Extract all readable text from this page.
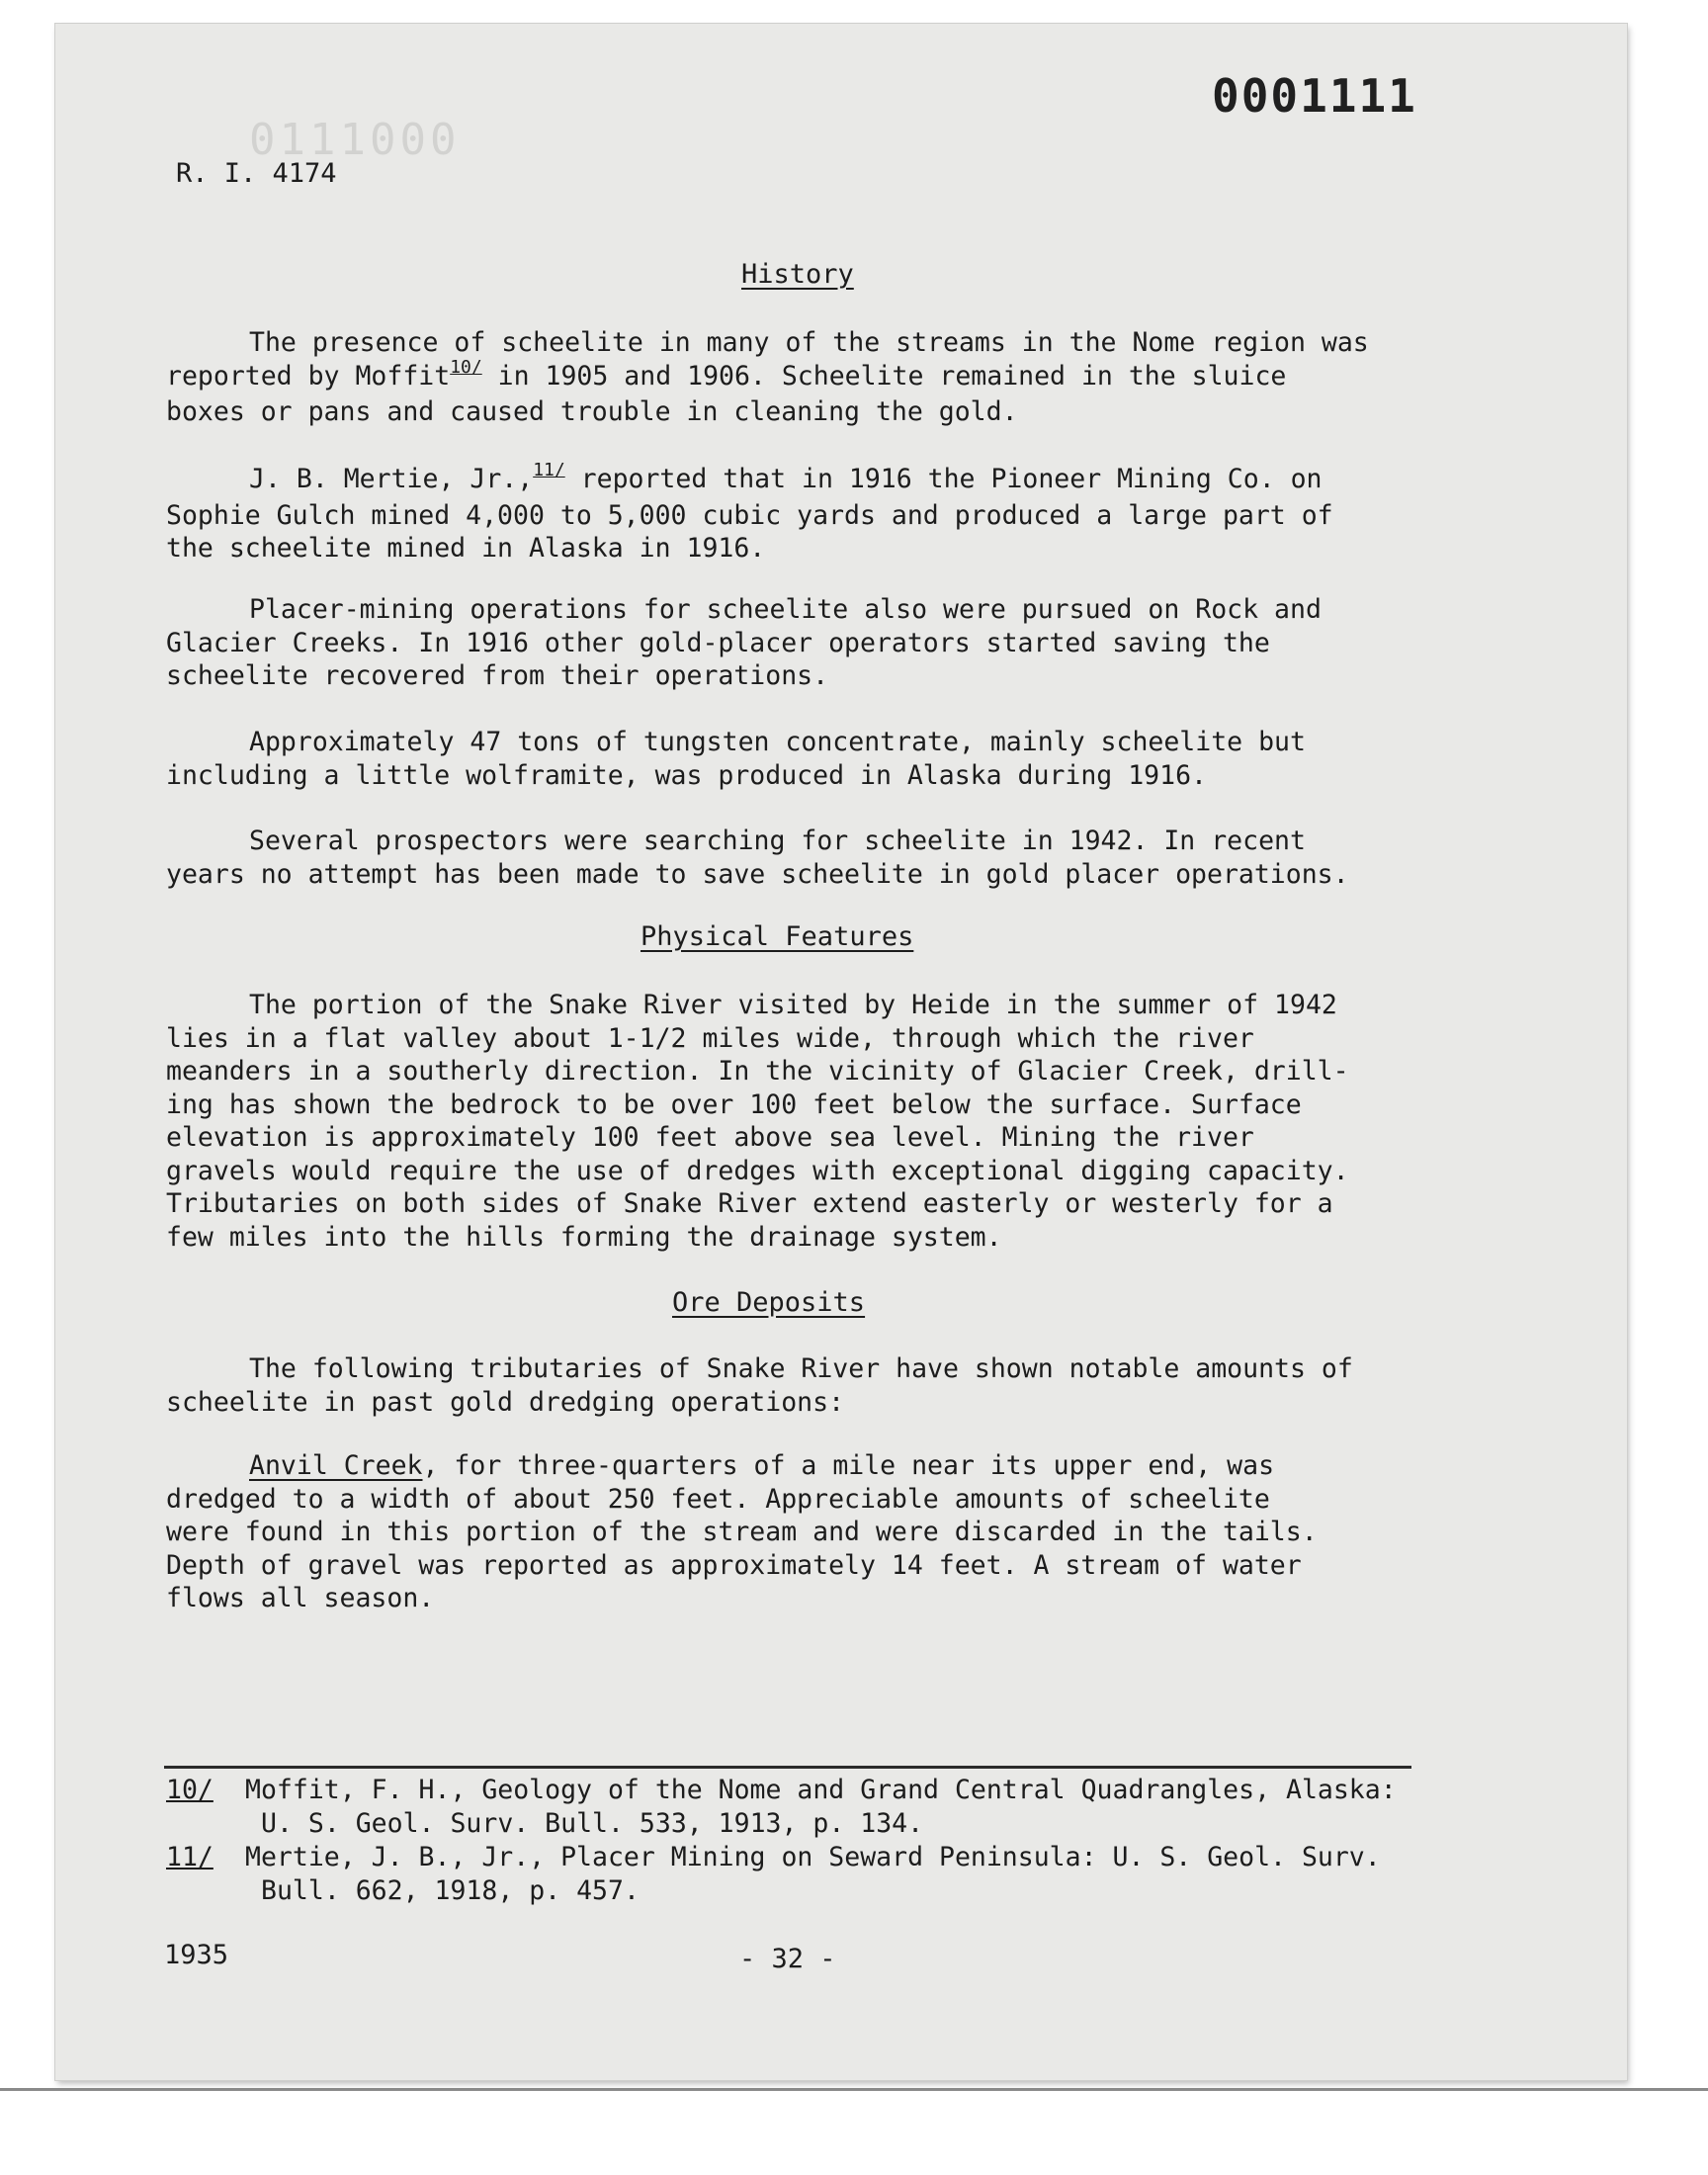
0111000
0001111
R. I. 4174
History

The presence of scheelite in many of the streams in the Nome region was

reported by Moffit$^{10/}$ in 1905 and 1906. Scheelite remained in the sluice

boxes or pans and caused trouble in cleaning the gold.

J. B. Mertie, Jr.,$^{11/}$ reported that in 1916 the Pioneer Mining Co. on

Sophie Gulch mined 4,000 to 5,000 cubic yards and produced a large part of

the scheelite mined in Alaska in 1916.

Placer-mining operations for scheelite also were pursued on Rock and

Glacier Creeks. In 1916 other gold-placer operators started saving the

scheelite recovered from their operations.

Approximately 47 tons of tungsten concentrate, mainly scheelite but

including a little wolframite, was produced in Alaska during 1916.

Several prospectors were searching for scheelite in 1942. In recent

years no attempt has been made to save scheelite in gold placer operations.

Physical Features

The portion of the Snake River visited by Heide in the summer of 1942

lies in a flat valley about 1-1/2 miles wide, through which the river

meanders in a southerly direction. In the vicinity of Glacier Creek, drill-

ing has shown the bedrock to be over 100 feet below the surface. Surface

elevation is approximately 100 feet above sea level. Mining the river

gravels would require the use of dredges with exceptional digging capacity.

Tributaries on both sides of Snake River extend easterly or westerly for a

few miles into the hills forming the drainage system.

Ore Deposits

The following tributaries of Snake River have shown notable amounts of

scheelite in past gold dredging operations:

Anvil Creek, for three-quarters of a mile near its upper end, was

dredged to a width of about 250 feet. Appreciable amounts of scheelite

were found in this portion of the stream and were discarded in the tails.

Depth of gravel was reported as approximately 14 feet. A stream of water

flows all season.

10/ Moffit, F. H., Geology of the Nome and Grand Central Quadrangles, Alaska:
U. S. Geol. Surv. Bull. 533, 1913, p. 134.
11/ Mertie, J. B., Jr., Placer Mining on Seward Peninsula: U. S. Geol. Surv.
Bull. 662, 1918, p. 457.
1935	- 32 -
